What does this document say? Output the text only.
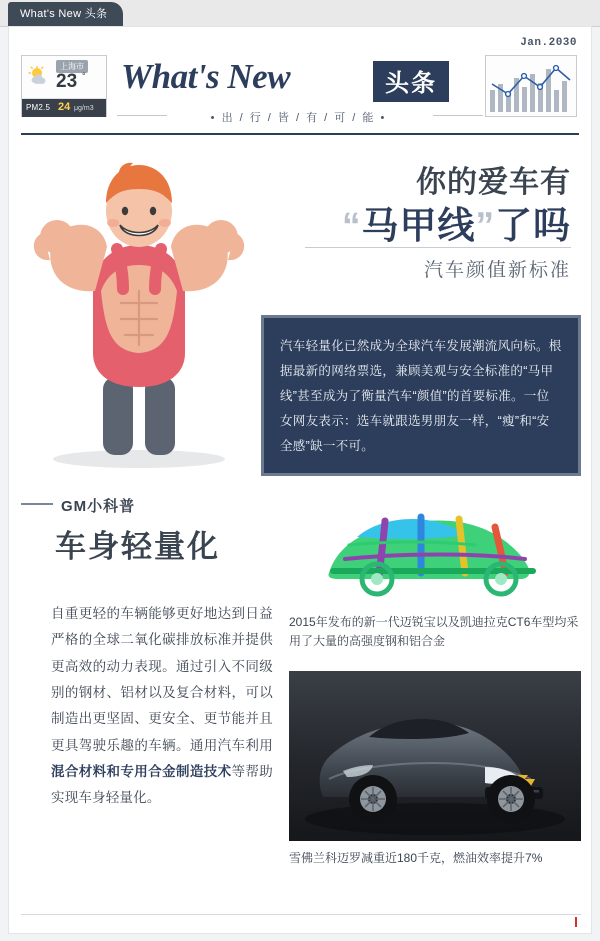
What's New 头条
Jan.2030
上海市
23 °
PM2.5 24 μg/m3
What's New	头条
• 出 / 行 / 皆 / 有 / 可 / 能 •
你的爱车有
“马甲线”了吗
汽车颜值新标准
汽车轻量化已然成为全球汽车发展潮流风向标。根据最新的网络票选，兼顾美观与安全标准的“马甲线”甚至成为了衡量汽车“颜值”的首要标准。一位女网友表示：选车就跟选男朋友一样，“瘦”和“安全感”缺一不可。
GM小科普
车身轻量化
自重更轻的车辆能够更好地达到日益严格的全球二氧化碳排放标准并提供更高效的动力表现。通过引入不同级别的钢材、铝材以及复合材料，可以制造出更坚固、更安全、更节能并且更具驾驶乐趣的车辆。通用汽车利用混合材料和专用合金制造技术等帮助实现车身轻量化。
2015年发布的新一代迈锐宝以及凯迪拉克CT6车型均采用了大量的高强度钢和铝合金
雪佛兰科迈罗减重近180千克，燃油效率提升7%
